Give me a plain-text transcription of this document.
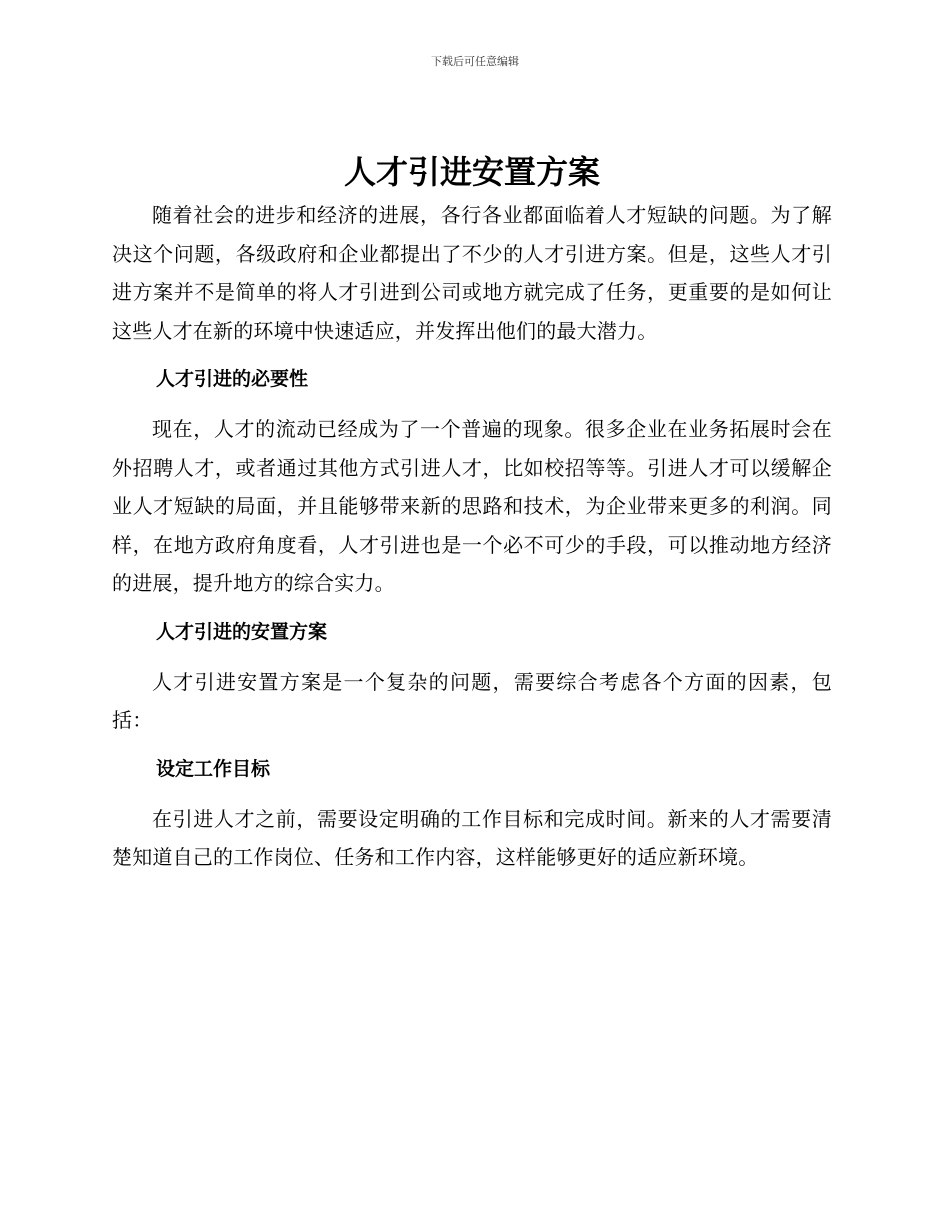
下载后可任意编辑
人才引进安置方案

随着社会的进步和经济的进展，各行各业都面临着人才短缺的问题。为了解决这个问题，各级政府和企业都提出了不少的人才引进方案。但是，这些人才引进方案并不是简单的将人才引进到公司或地方就完成了任务，更重要的是如何让这些人才在新的环境中快速适应，并发挥出他们的最大潜力。

人才引进的必要性

现在，人才的流动已经成为了一个普遍的现象。很多企业在业务拓展时会在外招聘人才，或者通过其他方式引进人才，比如校招等等。引进人才可以缓解企业人才短缺的局面，并且能够带来新的思路和技术，为企业带来更多的利润。同样，在地方政府角度看，人才引进也是一个必不可少的手段，可以推动地方经济的进展，提升地方的综合实力。

人才引进的安置方案

人才引进安置方案是一个复杂的问题，需要综合考虑各个方面的因素，包括：

设定工作目标

在引进人才之前，需要设定明确的工作目标和完成时间。新来的人才需要清楚知道自己的工作岗位、任务和工作内容，这样能够更好的适应新环境。
